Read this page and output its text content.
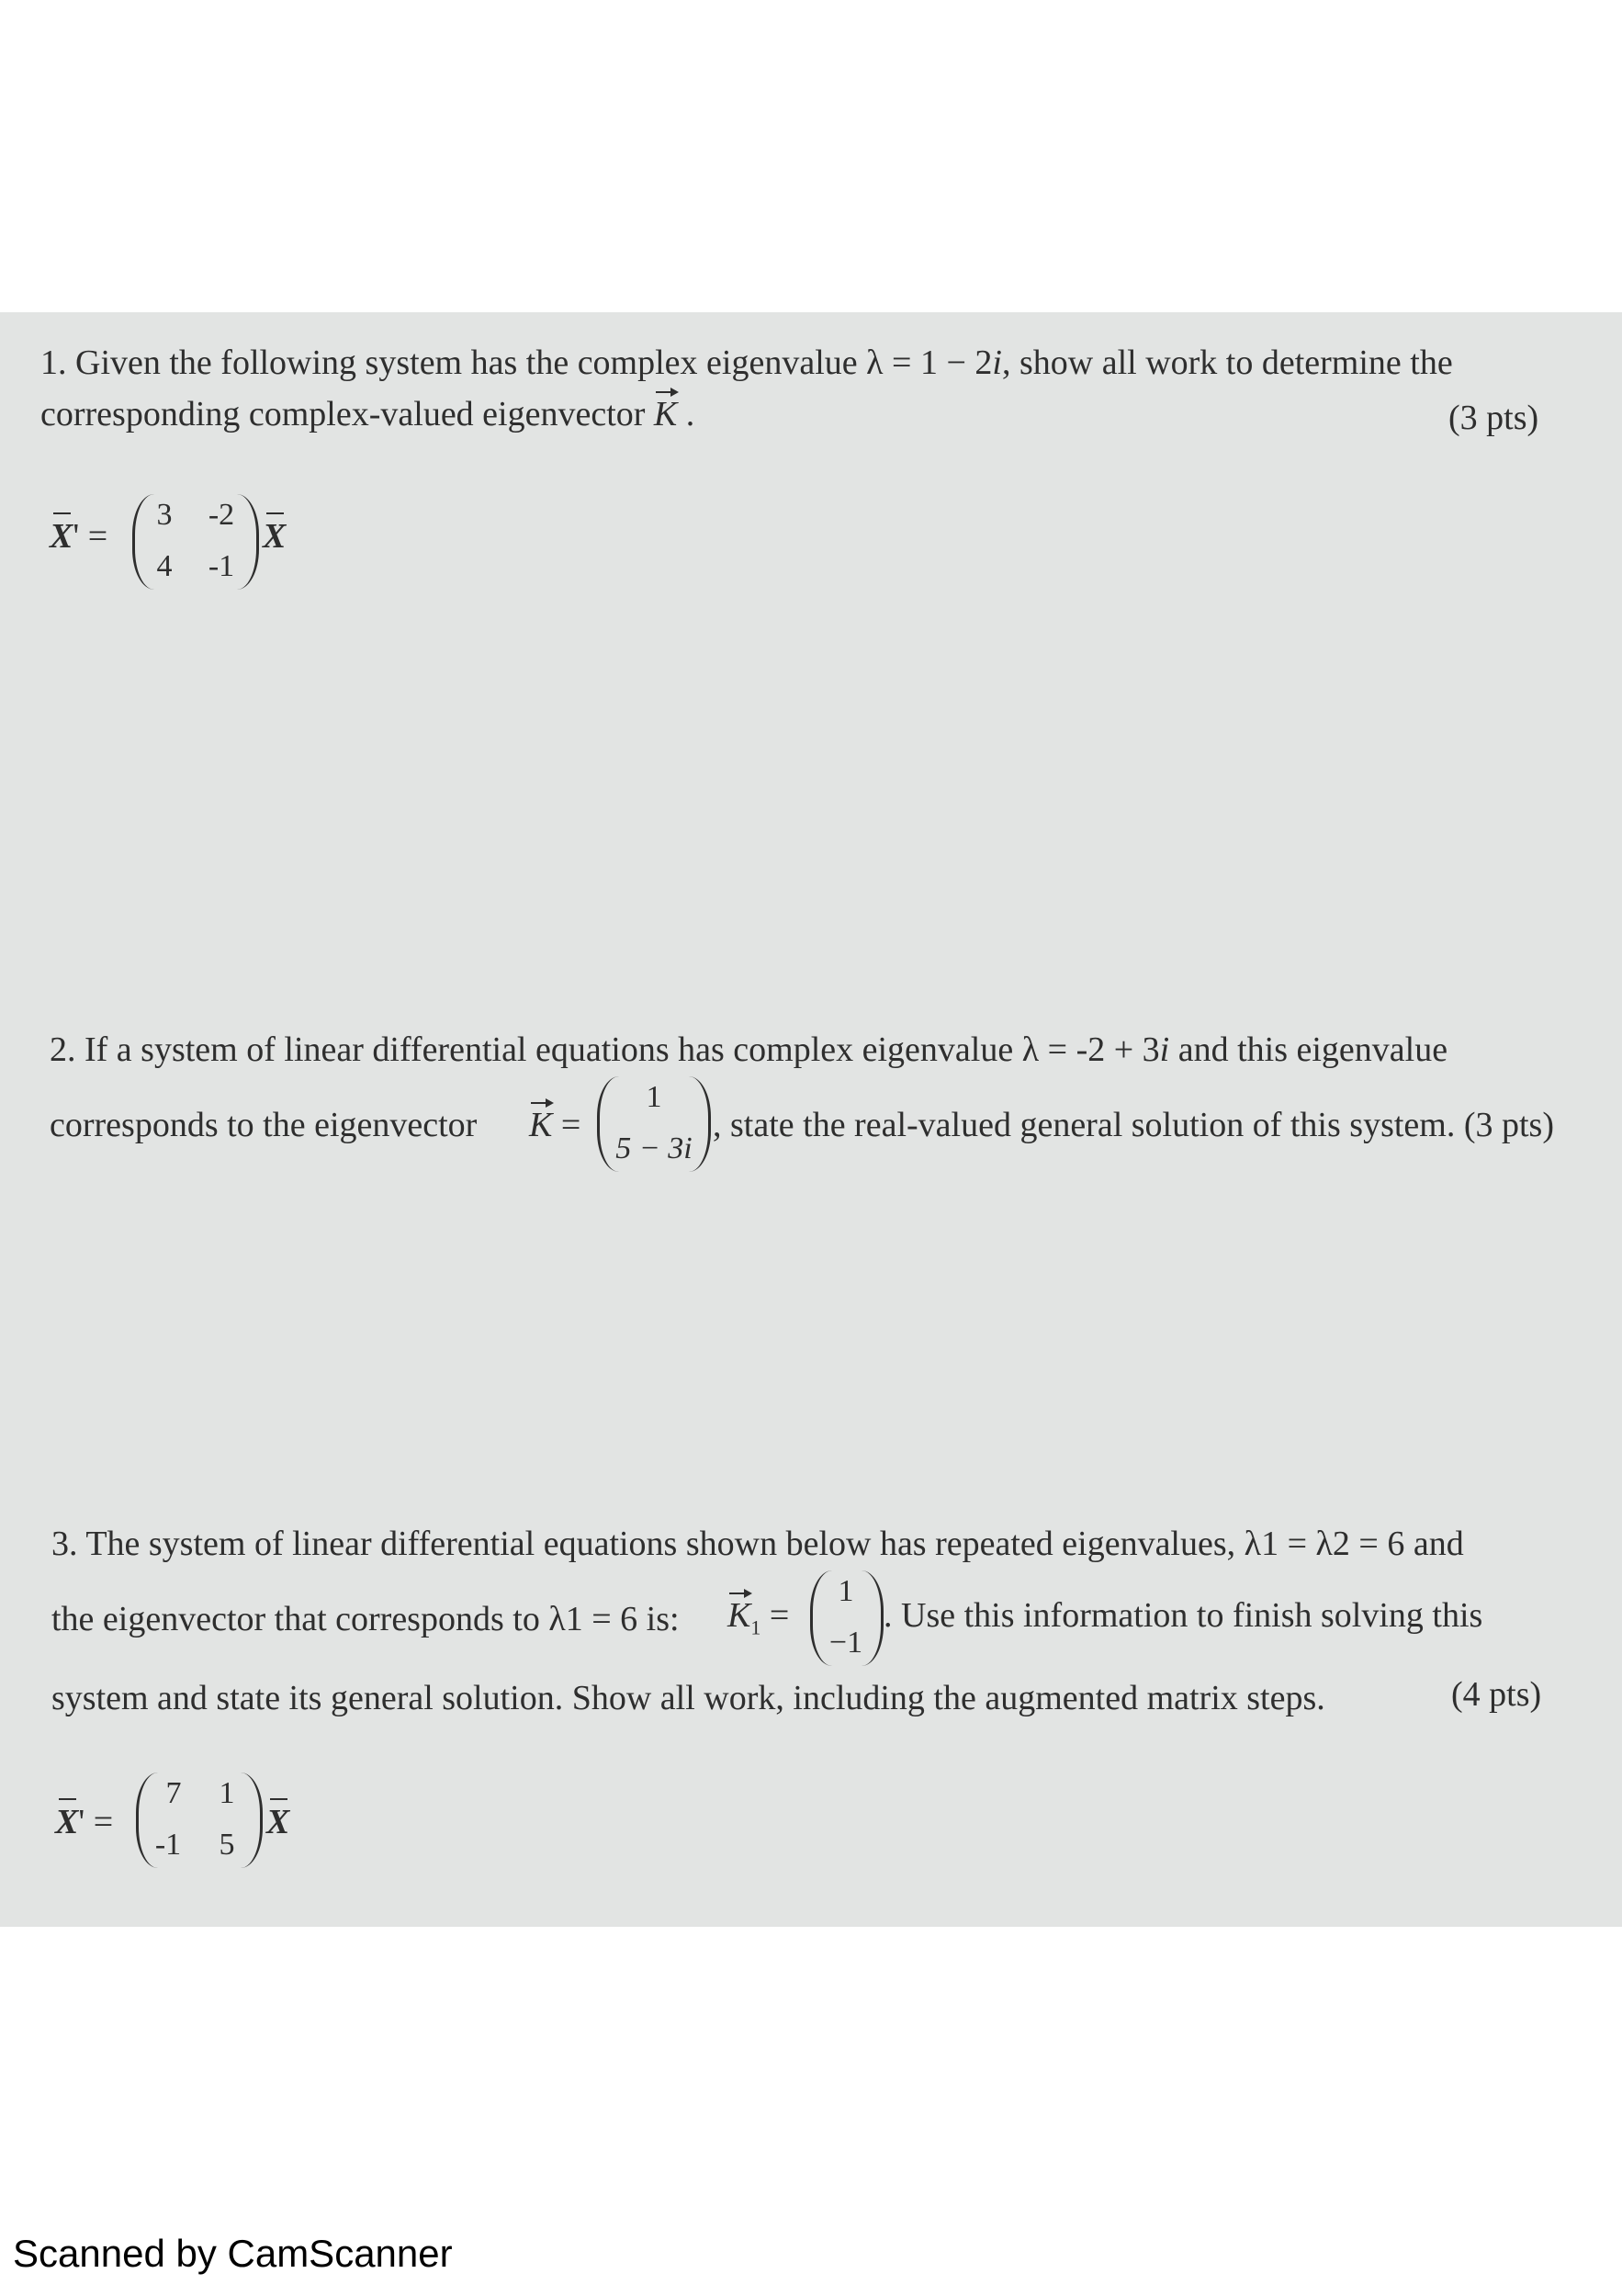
1. Given the following system has the complex eigenvalue λ = 1 − 2i, show all work to determine the
corresponding complex-valued eigenvector K .	(3 pts)
X' =
3	-2
4	-1
X
2. If a system of linear differential equations has complex eigenvalue λ = -2 + 3i and this eigenvalue
corresponds to the eigenvector K =
1
5 − 3i
, state the real-valued general solution of this system. (3 pts)
3. The system of linear differential equations shown below has repeated eigenvalues, λ1 = λ2 = 6 and
the eigenvector that corresponds to λ1 = 6 is: $K_1$ =
1
−1
. Use this information to finish solving this
system and state its general solution. Show all work, including the augmented matrix steps.	(4 pts)
X' =
7	1
-1	5
X
Scanned by CamScanner
